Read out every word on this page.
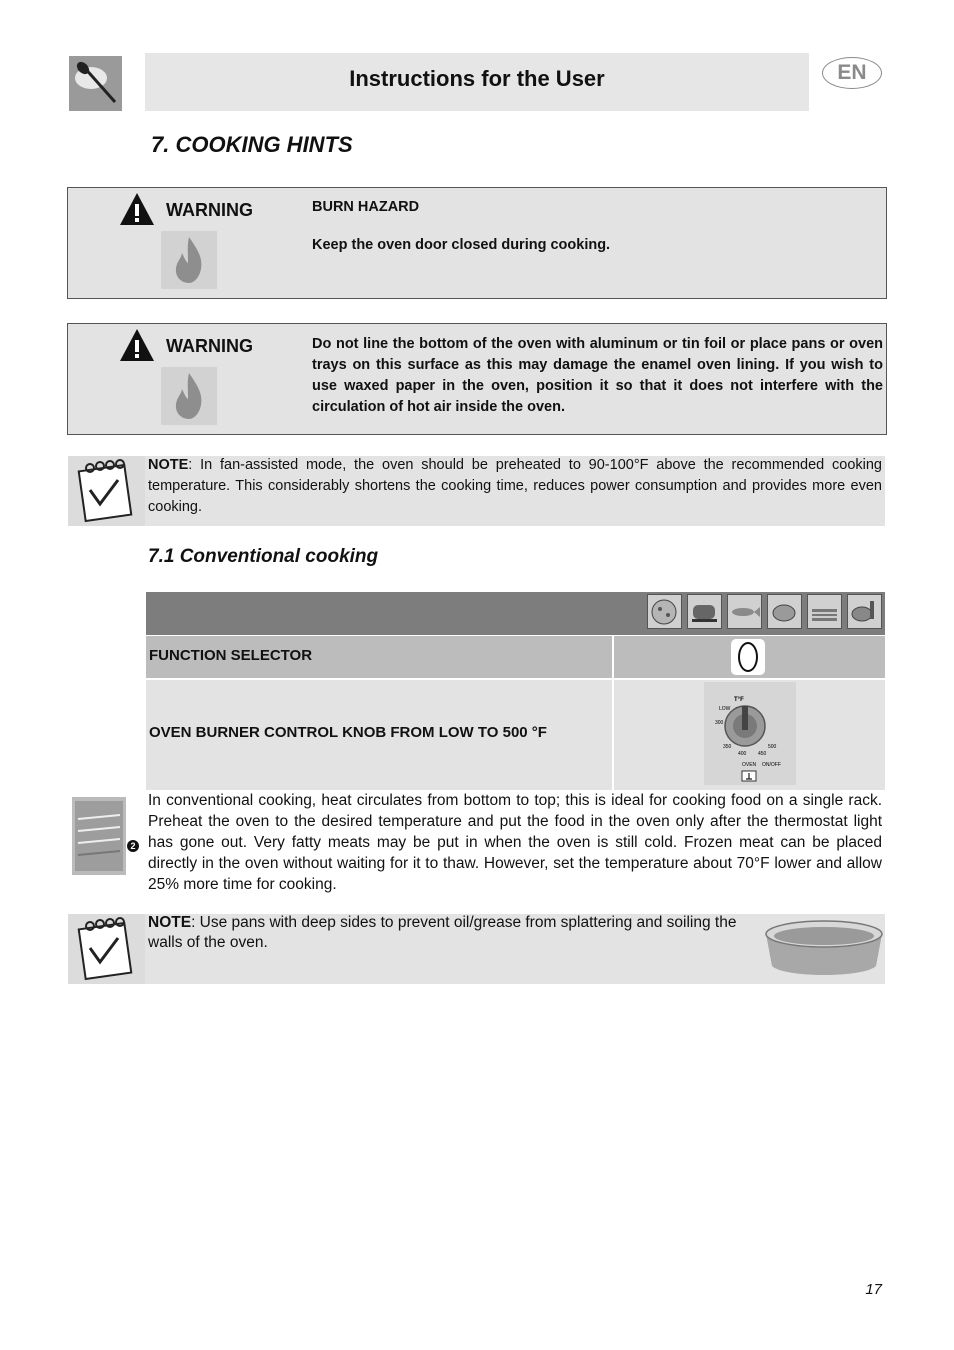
Instructions for the User	EN
7. COOKING HINTS
WARNING	BURN HAZARD
Keep the oven door closed during cooking.
WARNING	Do not line the bottom of the oven with aluminum or tin foil or place pans or oven trays on this surface as this may damage the enamel oven lining. If you wish to use waxed paper in the oven, position it so that it does not interfere with the circulation of hot air inside the oven.
NOTE: In fan-assisted mode, the oven should be preheated to 90-100°F above the recommended cooking temperature. This considerably shortens the cooking time, reduces power consumption and provides more even cooking.
7.1 Conventional cooking
FUNCTION SELECTOR
OVEN BURNER CONTROL KNOB FROM LOW TO 500 °F
T°F
LOW
300
350
400 450
500
OVEN ON/OFF
2
In conventional cooking, heat circulates from bottom to top; this is ideal for cooking food on a single rack. Preheat the oven to the desired temperature and put the food in the oven only after the thermostat light has gone out. Very fatty meats may be put in when the oven is still cold. Frozen meat can be placed directly in the oven without waiting for it to thaw. However, set the temperature about 70°F lower and allow 25% more time for cooking.
NOTE: Use pans with deep sides to prevent oil/grease from splattering and soiling the walls of the oven.
17
